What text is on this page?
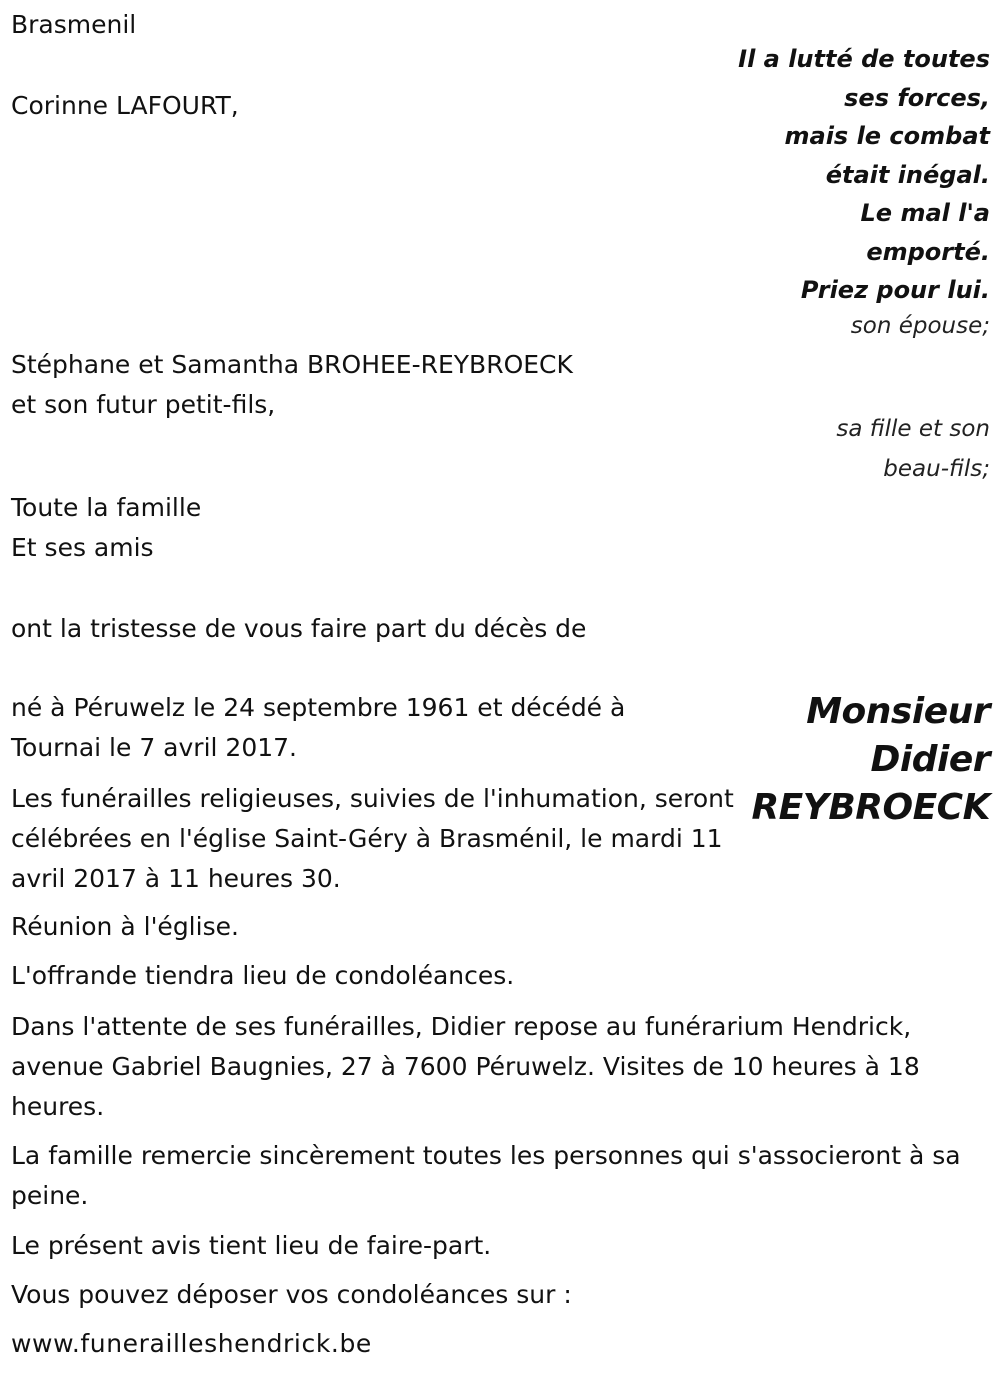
Brasmenil

Il a lutté de toutes
ses forces,
mais le combat
était inégal.
Le mal l'a
emporté.
Priez pour lui.

Corinne LAFOURT,

son épouse;

Stéphane et Samantha BROHEE-REYBROECK

et son futur petit-fils,

sa fille et son
beau-fils;

Toute la famille

Et ses amis

ont la tristesse de vous faire part du décès de

Monsieur
Didier
REYBROECK

né à Péruwelz le 24 septembre 1961 et décédé à

Tournai le 7 avril 2017.

Les funérailles religieuses, suivies de l'inhumation, seront célébrées en l'église Saint-Géry à Brasménil, le mardi 11 avril 2017 à 11 heures 30.

Réunion à l'église.

L'offrande tiendra lieu de condoléances.

Dans l'attente de ses funérailles, Didier repose au funérarium Hendrick, avenue Gabriel Baugnies, 27 à 7600 Péruwelz. Visites de 10 heures à 18 heures.

La famille remercie sincèrement toutes les personnes qui s'associeront à sa peine.

Le présent avis tient lieu de faire-part.

Vous pouvez déposer vos condoléances sur :

www.funerailleshendrick.be
